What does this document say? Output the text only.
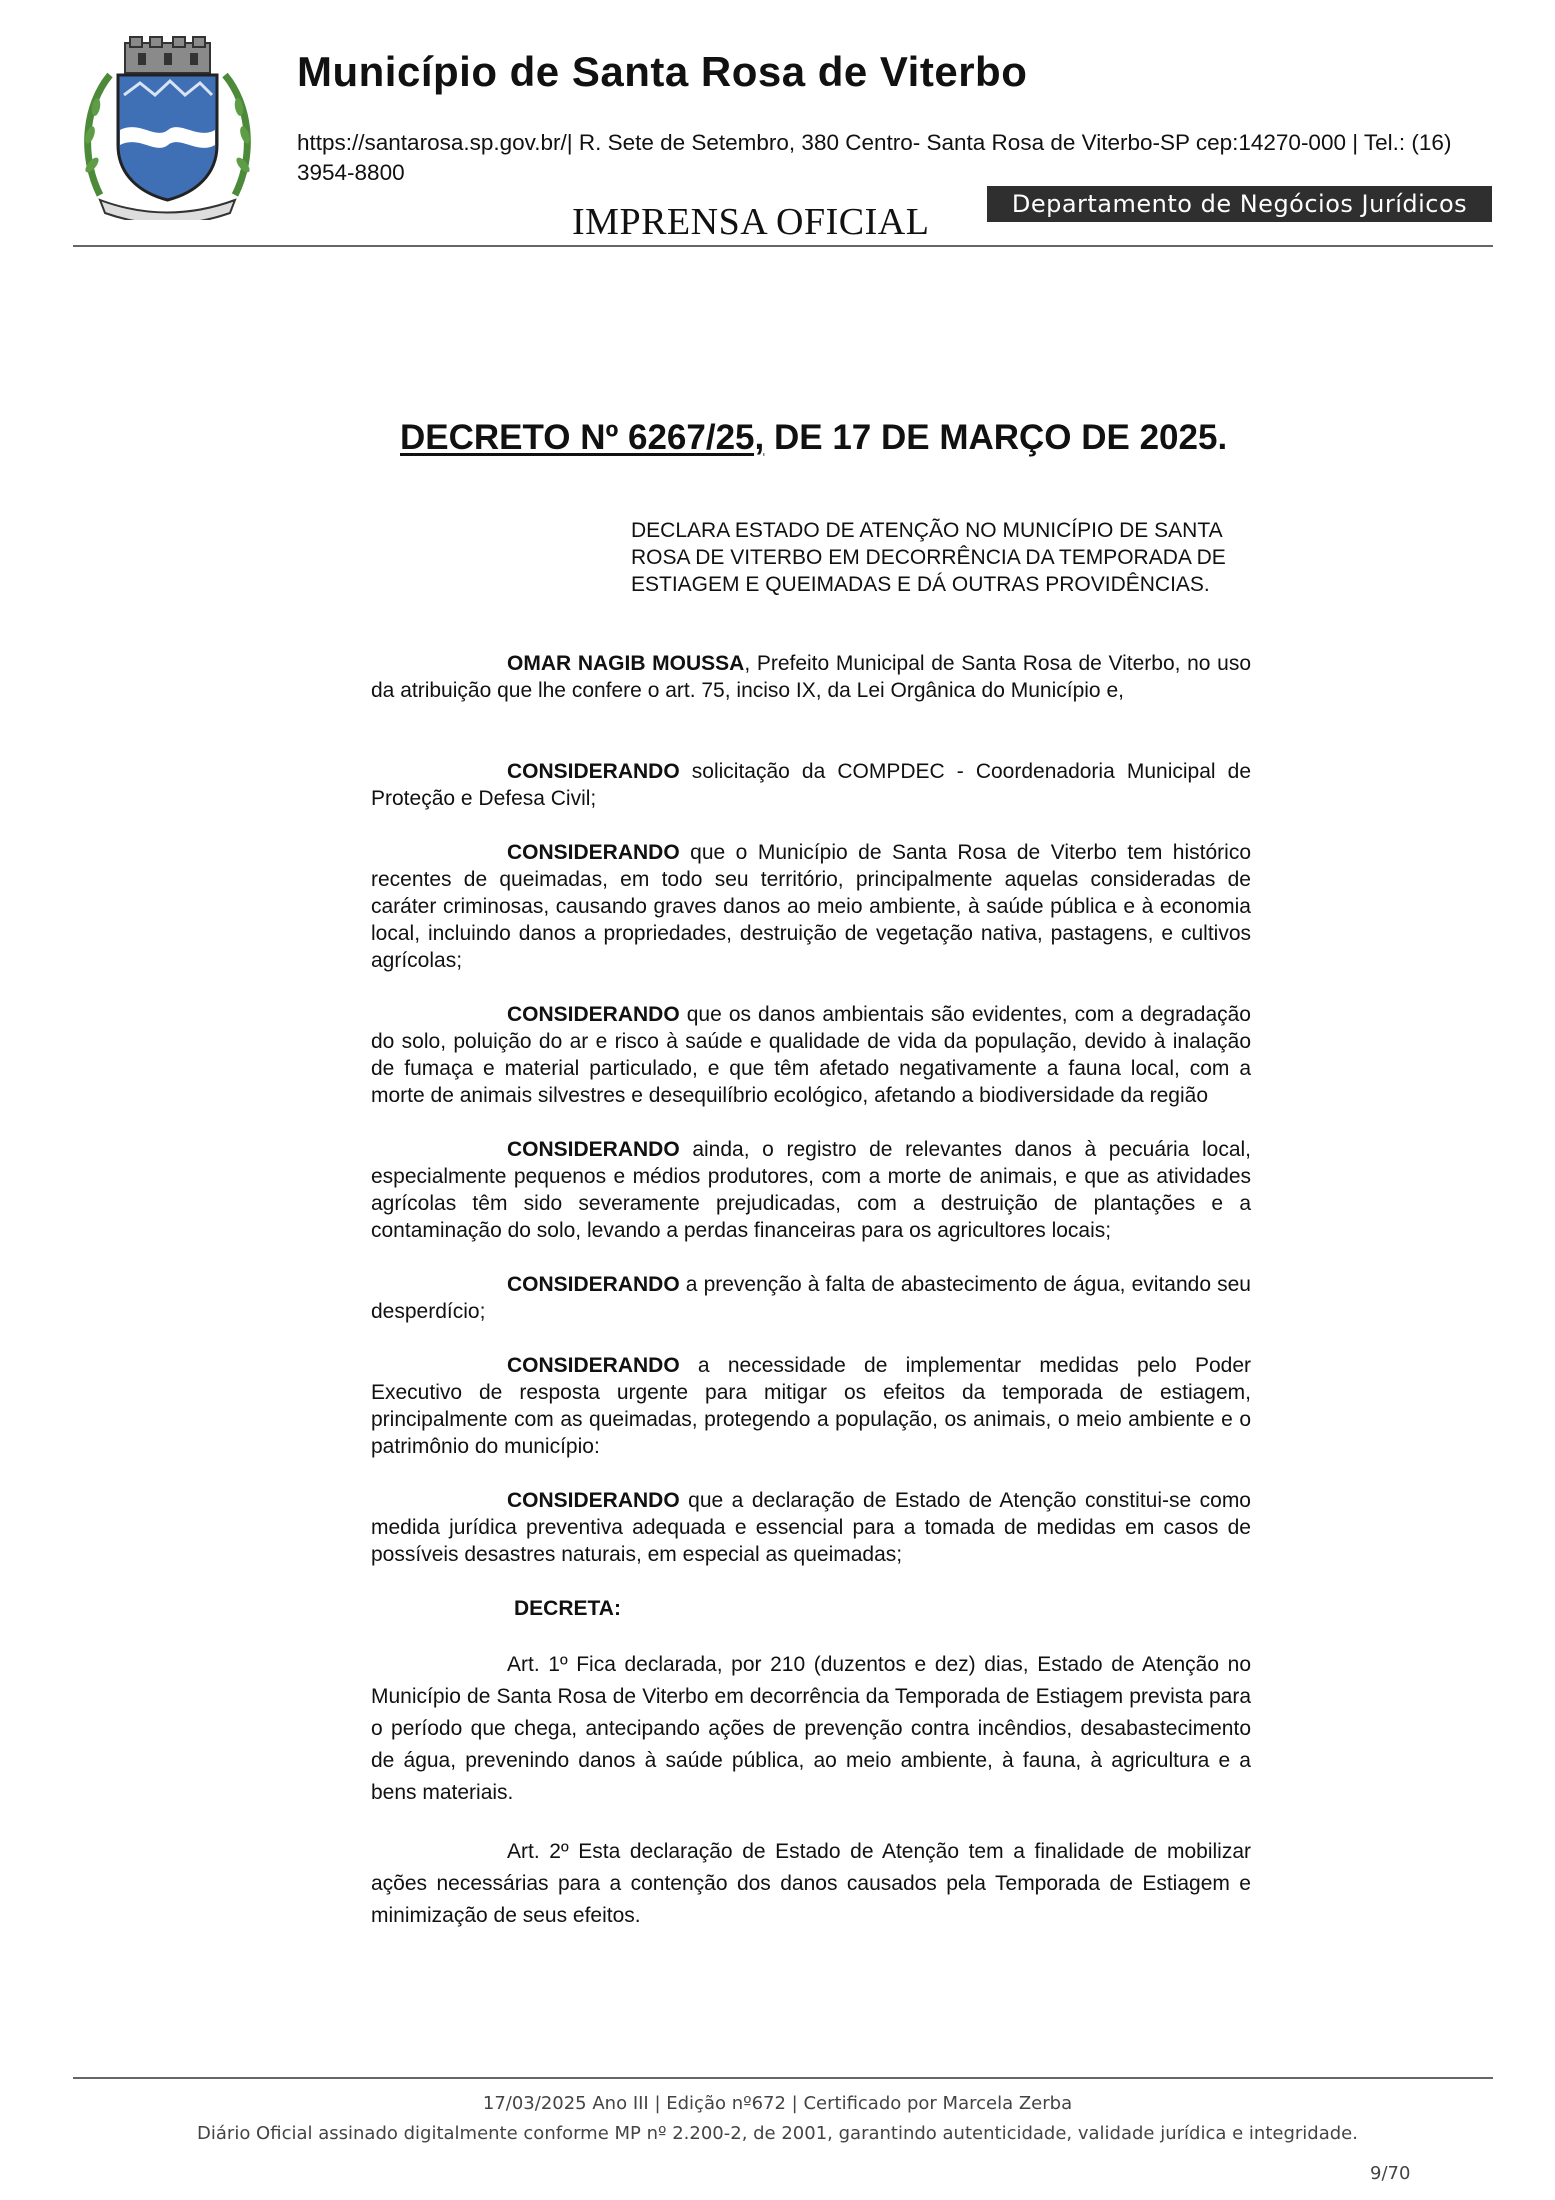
Município de Santa Rosa de Viterbo
https://santarosa.sp.gov.br/| R. Sete de Setembro, 380 Centro- Santa Rosa de Viterbo-SP cep:14270-000 | Tel.: (16) 3954-8800
IMPRENSA OFICIAL	Departamento de Negócios Jurídicos
DECRETO Nº 6267/25, DE 17 DE MARÇO DE 2025.
DECLARA ESTADO DE ATENÇÃO NO MUNICÍPIO DE SANTA ROSA DE VITERBO EM DECORRÊNCIA DA TEMPORADA DE ESTIAGEM E QUEIMADAS E DÁ OUTRAS PROVIDÊNCIAS.

OMAR NAGIB MOUSSA, Prefeito Municipal de Santa Rosa de Viterbo, no uso da atribuição que lhe confere o art. 75, inciso IX, da Lei Orgânica do Município e,

CONSIDERANDO solicitação da COMPDEC - Coordenadoria Municipal de Proteção e Defesa Civil;

CONSIDERANDO que o Município de Santa Rosa de Viterbo tem histórico recentes de queimadas, em todo seu território, principalmente aquelas consideradas de caráter criminosas, causando graves danos ao meio ambiente, à saúde pública e à economia local, incluindo danos a propriedades, destruição de vegetação nativa, pastagens, e cultivos agrícolas;

CONSIDERANDO que os danos ambientais são evidentes, com a degradação do solo, poluição do ar e risco à saúde e qualidade de vida da população, devido à inalação de fumaça e material particulado, e que têm afetado negativamente a fauna local, com a morte de animais silvestres e desequilíbrio ecológico, afetando a biodiversidade da região

CONSIDERANDO ainda, o registro de relevantes danos à pecuária local, especialmente pequenos e médios produtores, com a morte de animais, e que as atividades agrícolas têm sido severamente prejudicadas, com a destruição de plantações e a contaminação do solo, levando a perdas financeiras para os agricultores locais;

CONSIDERANDO a prevenção à falta de abastecimento de água, evitando seu desperdício;

CONSIDERANDO a necessidade de implementar medidas pelo Poder Executivo de resposta urgente para mitigar os efeitos da temporada de estiagem, principalmente com as queimadas, protegendo a população, os animais, o meio ambiente e o patrimônio do município:

CONSIDERANDO que a declaração de Estado de Atenção constitui-se como medida jurídica preventiva adequada e essencial para a tomada de medidas em casos de possíveis desastres naturais, em especial as queimadas;

DECRETA:

Art. 1º Fica declarada, por 210 (duzentos e dez) dias, Estado de Atenção no Município de Santa Rosa de Viterbo em decorrência da Temporada de Estiagem prevista para o período que chega, antecipando ações de prevenção contra incêndios, desabastecimento de água, prevenindo danos à saúde pública, ao meio ambiente, à fauna, à agricultura e a bens materiais.

Art. 2º Esta declaração de Estado de Atenção tem a finalidade de mobilizar ações necessárias para a contenção dos danos causados pela Temporada de Estiagem e minimização de seus efeitos.

17/03/2025 Ano III | Edição nº672 | Certificado por Marcela Zerba
Diário Oficial assinado digitalmente conforme MP nº 2.200-2, de 2001, garantindo autenticidade, validade jurídica e integridade.
9/70
